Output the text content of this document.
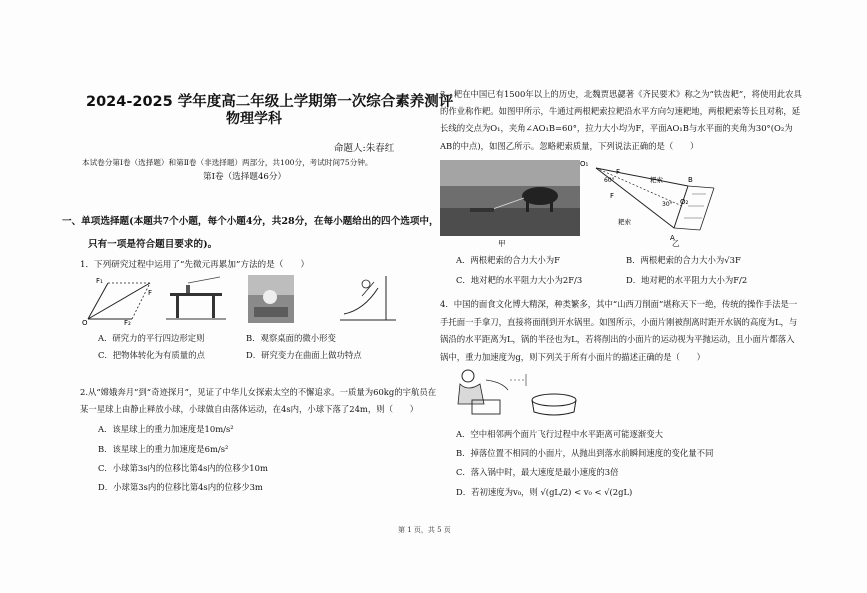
2024-2025 学年度高二年级上学期第一次综合素养测评
物理学科
命题人:朱春红
本试卷分第Ⅰ卷（选择题）和第Ⅱ卷（非选择题）两部分，共100分，考试时间75分钟。
第Ⅰ卷（选择题46分）
一、单项选择题(本题共7个小题，每个小题4分，共28分，在每小题给出的四个选项中，
只有一项是符合题目要求的)。
1．下列研究过程中运用了“先微元再累加”方法的是（　　）
F₁
F
F₂
O
A．研究力的平行四边形定则	B．观察桌面的微小形变
C．把物体转化为有质量的点	D．研究变力在曲面上做功特点
2.从“嫦娥奔月”到“奇迹探月”，见证了中华儿女探索太空的不懈追求。一质量为60kg的宇航员在
某一星球上由静止释放小球，小球做自由落体运动，在4s内，小球下落了24m，则（　　）
A．该星球上的重力加速度是10m/s²
B．该星球上的重力加速度是6m/s²
C．小球第3s内的位移比第4s内的位移少10m
D．小球第3s内的位移比第4s内的位移少3m
3．耙在中国已有1500年以上的历史，北魏贾思勰著《齐民要术》称之为“铁齿耙”，将使用此农具
的作业称作耙。如图甲所示，牛通过两根耙索拉耙沿水平方向匀速耙地，两根耙索等长且对称，延
长线的交点为O₁，夹角∠AO₁B=60°，拉力大小均为F，平面AO₁B与水平面的夹角为30°(O₂为
AB的中点)，如图乙所示。忽略耙索质量，下列说法正确的是（　　）
甲
O₁
F
F
60°	耙索
30°
B
O₂
A
耙索
乙
A．两根耙索的合力大小为F	B．两根耙索的合力大小为√3F
C．地对耙的水平阻力大小为2F/3	D．地对耙的水平阻力大小为F/2
4．中国的面食文化博大精深，种类繁多，其中“山西刀削面”堪称天下一绝，传统的操作手法是一
手托面一手拿刀，直接将面削到开水锅里。如图所示，小面片刚被削离时距开水锅的高度为L，与
锅沿的水平距离为L，锅的半径也为L，若将削出的小面片的运动视为平抛运动，且小面片都落入
锅中，重力加速度为g，则下列关于所有小面片的描述正确的是（　　）
A．空中相邻两个面片飞行过程中水平距离可能逐渐变大
B．掉落位置不相同的小面片，从抛出到落水前瞬间速度的变化量不同
C．落入锅中时，最大速度是最小速度的3倍
D．若初速度为v₀，则 √(gL/2) < v₀ < √(2gL)
第 1 页，共 5 页
